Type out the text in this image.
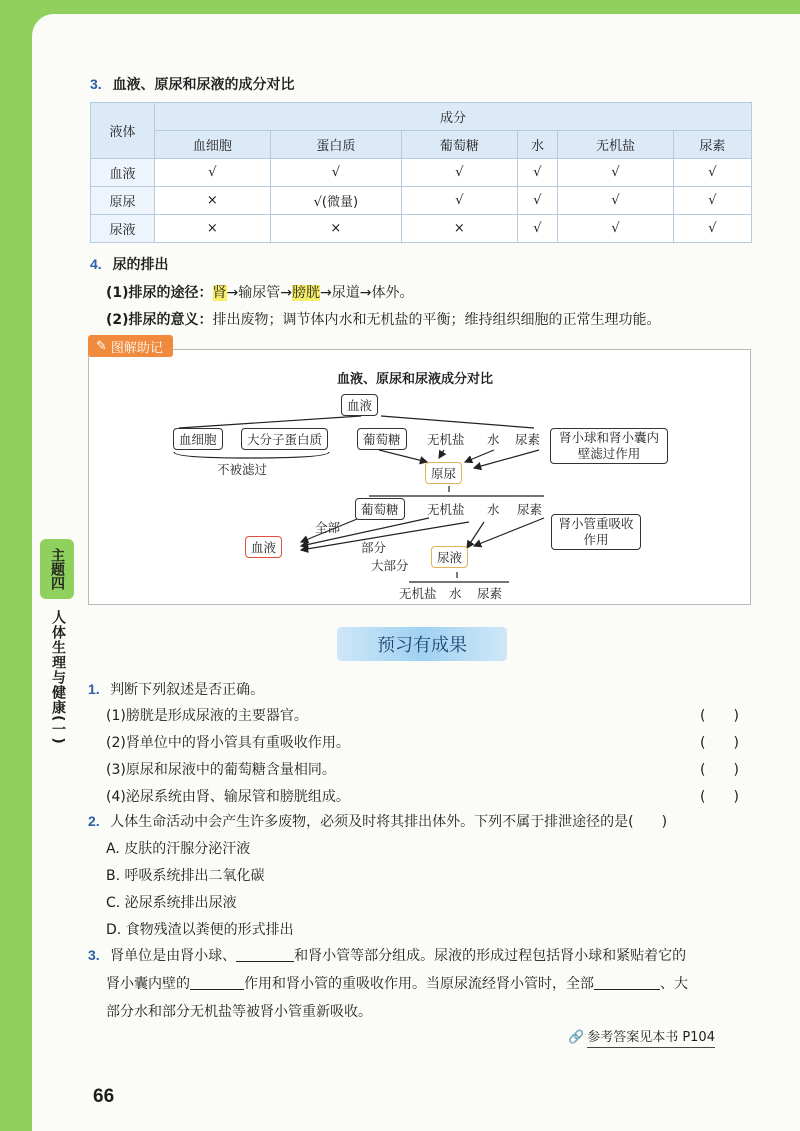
3. 血液、原尿和尿液的成分对比
液体	成分					
	血细胞	蛋白质	葡萄糖	水	无机盐	尿素
血液	√	√	√	√	√	√
原尿	×	√(微量)	√	√	√	√
尿液	×	×	×	√	√	√
4. 尿的排出
(1)排尿的途径：肾→输尿管→膀胱→尿道→体外。
(2)排尿的意义：排出废物；调节体内水和无机盐的平衡；维持组织细胞的正常生理功能。
血液、原尿和尿液成分对比
血液
血细胞	大分子蛋白质
不被滤过
葡萄糖	无机盐 水 尿素	肾小球和肾小囊内壁滤过作用
原尿
葡萄糖	无机盐 水 尿素
全部
部分
大部分
血液
尿液
肾小管重吸收作用
无机盐 水 尿素
✎ 图解助记
预习有成果
1. 判断下列叙述是否正确。
(1)膀胱是形成尿液的主要器官。	(　　)
(2)肾单位中的肾小管具有重吸收作用。	(　　)
(3)原尿和尿液中的葡萄糖含量相同。	(　　)
(4)泌尿系统由肾、输尿管和膀胱组成。	(　　)
2. 人体生命活动中会产生许多废物，必须及时将其排出体外。下列不属于排泄途径的是(　　)
A. 皮肤的汗腺分泌汗液
B. 呼吸系统排出二氧化碳
C. 泌尿系统排出尿液
D. 食物残渣以粪便的形式排出
3. 肾单位是由肾小球、	和肾小管等部分组成。尿液的形成过程包括肾小球和紧贴着它的
肾小囊内壁的	作用和肾小管的重吸收作用。当原尿流经肾小管时，全部	、大
部分水和部分无机盐等被肾小管重新吸收。
🔗 参考答案见本书 P104
主题四
人体生理与健康(一)
66
